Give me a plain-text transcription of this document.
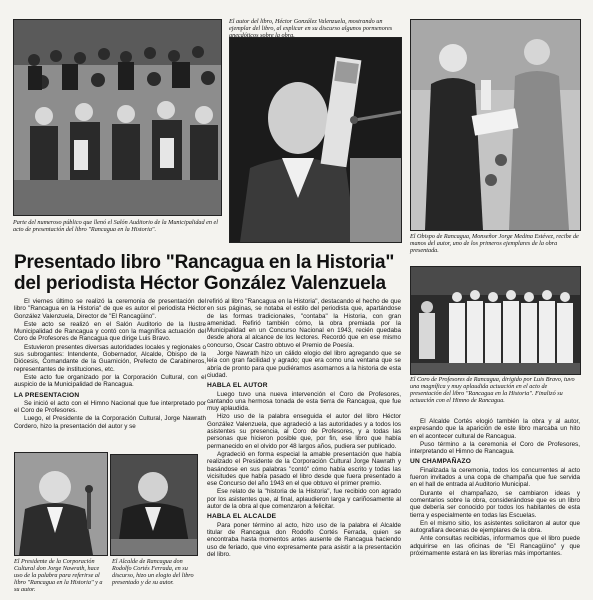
Parte del numeroso público que llenó el Salón Auditorio de la Municipalidad en el acto de presentación del libro "Rancagua en la Historia".
El autor del libro, Héctor González Valenzuela, mostrando un ejemplar del libro, al explicar en su discurso algunos pormenores anecdóticos sobre la obra.
El Obispo de Rancagua, Monseñor Jorge Medina Estévez, recibe de manos del autor, uno de los primeros ejemplares de la obra presentada.
El Coro de Profesores de Rancagua, dirigido por Luis Bravo, tuvo una magnífica y muy aplaudida actuación en el acto de presentación del libro "Rancagua en la Historia". Finalizó su actuación con el Himno de Rancagua.
El Presidente de la Corporación Cultural don Jorge Nawrath, hace uso de la palabra para referirse al libro "Rancagua en la Historia" y a su autor.
El Alcalde de Rancagua don Rodolfo Cortés Ferrada, en su discurso, hizo un elogio del libro presentado y de su autor.
Presentado libro "Rancagua en la Historia"
del periodista Héctor González Valenzuela

El viernes último se realizó la ceremonia de presentación del libro "Rancagua en la Historia" de que es autor el periodista Héctor González Valenzuela, Director de "El Rancagüino".

Este acto se realizó en el Salón Auditorio de la Ilustre Municipalidad de Rancagua y contó con la magnífica actuación del Coro de Profesores de Rancagua que dirige Luis Bravo.

Estuvieron presentes diversas autoridades locales y regionales o sus subrogantes: Intendente, Gobernador, Alcalde, Obispo de la Diócesis, Comandante de la Guarnición, Prefecto de Carabineros, representantes de instituciones, etc.

Este acto fue organizado por la Corporación Cultural, con el auspicio de la Municipalidad de Rancagua.

LA PRESENTACION

Se inició el acto con el Himno Nacional que fue interpretado por el Coro de Profesores.

Luego, el Presidente de la Corporación Cultural, Jorge Nawrath Cordero, hizo la presentación del autor y se

refirió al libro "Rancagua en la Historia", destacando el hecho de que en sus páginas, se notaba el estilo del periodista que, apartándose de las formas tradicionales, "contaba" la Historia, con gran amenidad. Refirió también cómo, la obra premiada por la Municipalidad en un Concurso Nacional en 1943, recién quedaba desde ahora al alcance de los lectores. Recordó que en ese mismo concurso, Oscar Castro obtuvo el Premio de Poesía.

Jorge Nawrath hizo un cálido elogio del libro agregando que se leía con gran facilidad y agrado; que era como una ventana que se abría de pronto para que pudiéramos asomarnos a la historia de esta ciudad.

HABLA EL AUTOR

Luego tuvo una nueva intervención el Coro de Profesores, cantando una hermosa tonada de esta tierra de Rancagua, que fue muy aplaudida.

Hizo uso de la palabra enseguida el autor del libro Héctor González Valenzuela, que agradeció a las autoridades y a todos los asistentes su presencia, al Coro de Profesores, y a todas las personas que hicieron posible que, por fin, ese libro que había permanecido en el olvido por 48 largos años, pudiera ser publicado.

Agradeció en forma especial la amable presentación que había realizado el Presidente de la Corporación Cultural Jorge Nawrath y basándose en sus palabras "contó" cómo había escrito y todas las vicisitudes que había pasado el libro desde que fuera presentado a ese Concurso del año 1943 en el que obtuvo el primer premio.

Ese relato de la "historia de la Historia", fue recibido con agrado por los asistentes que, al final, aplaudieron larga y cariñosamente al autor de la obra al que comenzaron a felicitar.

HABLA EL ALCALDE

Para poner término al acto, hizo uso de la palabra el Alcalde titular de Rancagua don Rodolfo Cortés Ferrada, quien se encontraba hasta momentos antes ausente de Rancagua haciendo uso de feriado, que vino expresamente para asistir a la presentación del libro.

El Alcalde Cortés elogió también la obra y al autor, expresando que la aparición de este libro marcaba un hito en el acontecer cultural de Rancagua.

Puso término a la ceremonia el Coro de Profesores, interpretando el Himno de Rancagua.

UN CHAMPAÑAZO

Finalizada la ceremonia, todos los concurrentes al acto fueron invitados a una copa de champaña que fue servida en el hall de entrada al Auditorio Municipal.

Durante el champañazo, se cambiaron ideas y comentarios sobre la obra, considerándose que es un libro que debería ser conocido por todos los habitantes de esta tierra y especialmente en todas las Escuelas.

En el mismo sitio, los asistentes solicitaron al autor que autografiara decenas de ejemplares de la obra.

Ante consultas recibidas, informamos que el libro puede adquirirse en las oficinas de "El Rancagüino" y que próximamente estará en las librerías más importantes.
